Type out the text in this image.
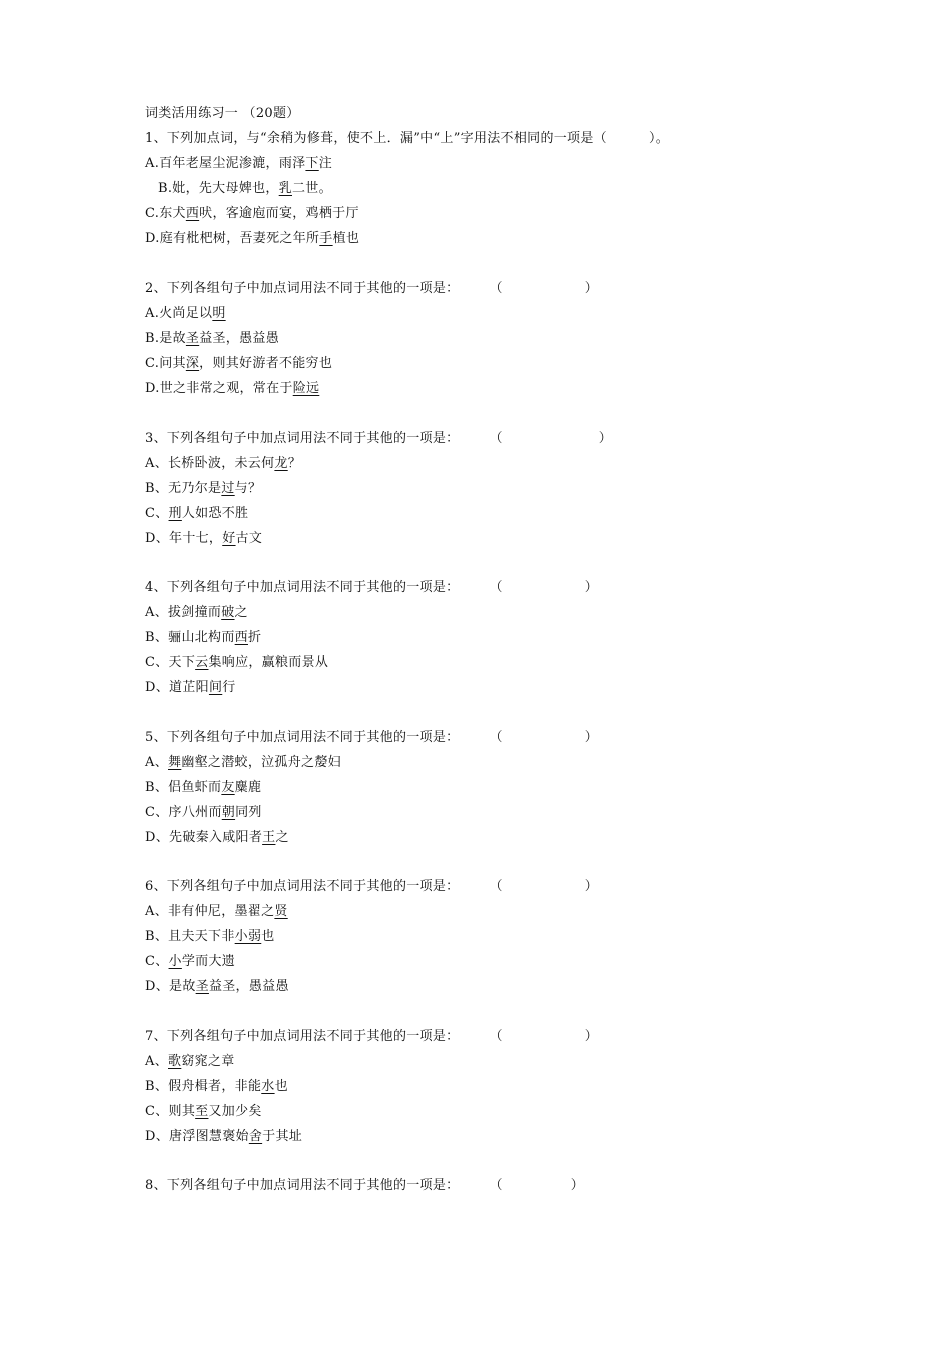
词类活用练习一 （20题）
1、下列加点词，与“余稍为修葺，使不上．漏”中“上”字用法不相同的一项是（	）。
A.百年老屋尘泥渗漉，雨泽下注
B.妣，先大母婢也，乳二世。
C.东犬西吠，客逾庖而宴，鸡栖于厅
D.庭有枇杷树，吾妻死之年所手植也
2、下列各组句子中加点词用法不同于其他的一项是： （	）
A.火尚足以明
B.是故圣益圣，愚益愚
C.问其深，则其好游者不能穷也
D.世之非常之观，常在于险远
3、下列各组句子中加点词用法不同于其他的一项是： （	）
A、长桥卧波，未云何龙？
B、无乃尔是过与？
C、刑人如恐不胜
D、年十七，好古文
4、下列各组句子中加点词用法不同于其他的一项是： （	）
A、拔剑撞而破之
B、骊山北构而西折
C、天下云集响应，赢粮而景从
D、道芷阳间行
5、下列各组句子中加点词用法不同于其他的一项是： （	）
A、舞幽壑之潜蛟，泣孤舟之嫠妇
B、侣鱼虾而友麋鹿
C、序八州而朝同列
D、先破秦入咸阳者王之
6、下列各组句子中加点词用法不同于其他的一项是： （	）
A、非有仲尼，墨翟之贤
B、且夫天下非小弱也
C、小学而大遗
D、是故圣益圣，愚益愚
7、下列各组句子中加点词用法不同于其他的一项是： （	）
A、歌窈窕之章
B、假舟楫者，非能水也
C、则其至又加少矣
D、唐浮图慧褒始舍于其址
8、下列各组句子中加点词用法不同于其他的一项是： （	）
